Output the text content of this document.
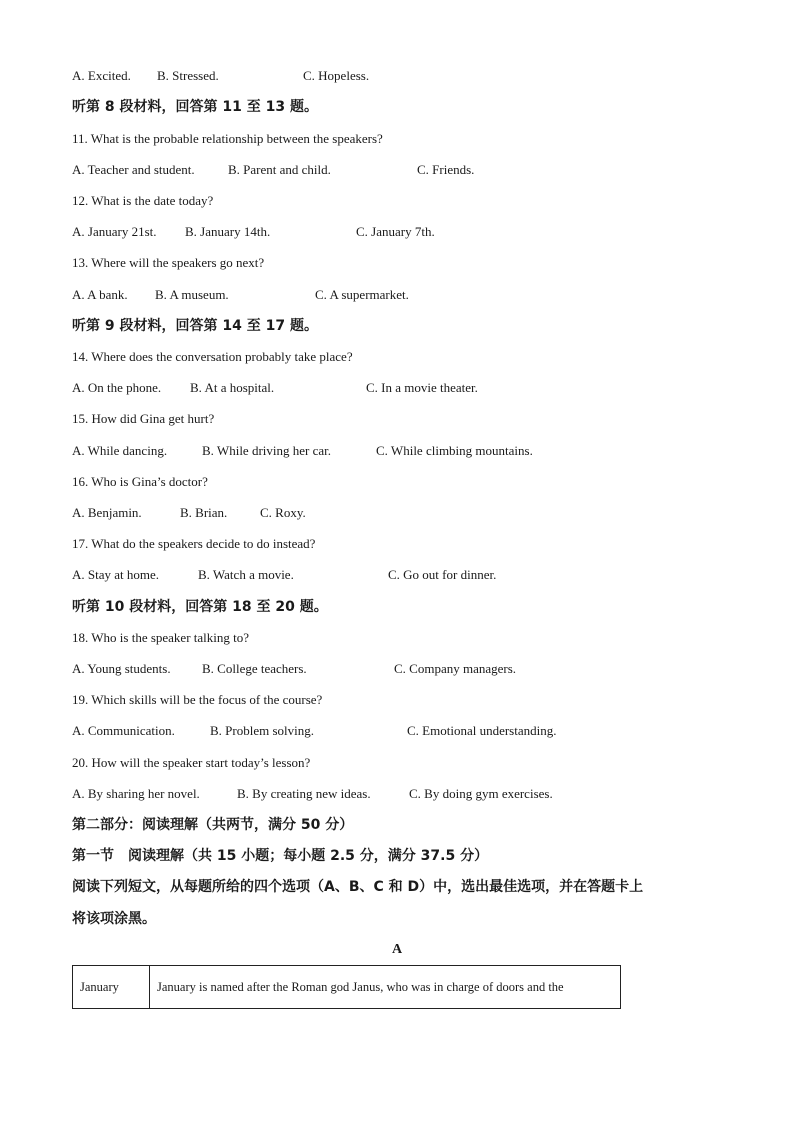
A. Excited. B. Stressed.	C. Hopeless.
听第 8 段材料，回答第 11 至 13 题。
11. What is the probable relationship between the speakers?
A. Teacher and student.	B. Parent and child.	C. Friends.
12. What is the date today?
A. January 21st. B. January 14th.	C. January 7th.
13. Where will the speakers go next?
A. A bank. B. A museum.	C. A supermarket.
听第 9 段材料，回答第 14 至 17 题。
14. Where does the conversation probably take place?
A. On the phone. B. At a hospital.	C. In a movie theater.
15. How did Gina get hurt?
A. While dancing.	B. While driving her car.	C. While climbing mountains.
16. Who is Gina’s doctor?
A. Benjamin.	B. Brian.	C. Roxy.
17. What do the speakers decide to do instead?
A. Stay at home.	B. Watch a movie.	C. Go out for dinner.
听第 10 段材料，回答第 18 至 20 题。
18. Who is the speaker talking to?
A. Young students. B. College teachers.	C. Company managers.
19. Which skills will be the focus of the course?
A. Communication.	B. Problem solving.	C. Emotional understanding.
20. How will the speaker start today’s lesson?
A. By sharing her novel.	B. By creating new ideas.	C. By doing gym exercises.
第二部分：阅读理解（共两节，满分 50 分）
第一节　阅读理解（共 15 小题；每小题 2.5 分，满分 37.5 分）
阅读下列短文，从每题所给的四个选项（A、B、C 和 D）中，选出最佳选项，并在答题卡上
将该项涂黑。
A
January	January is named after the Roman god Janus, who was in charge of doors and the
